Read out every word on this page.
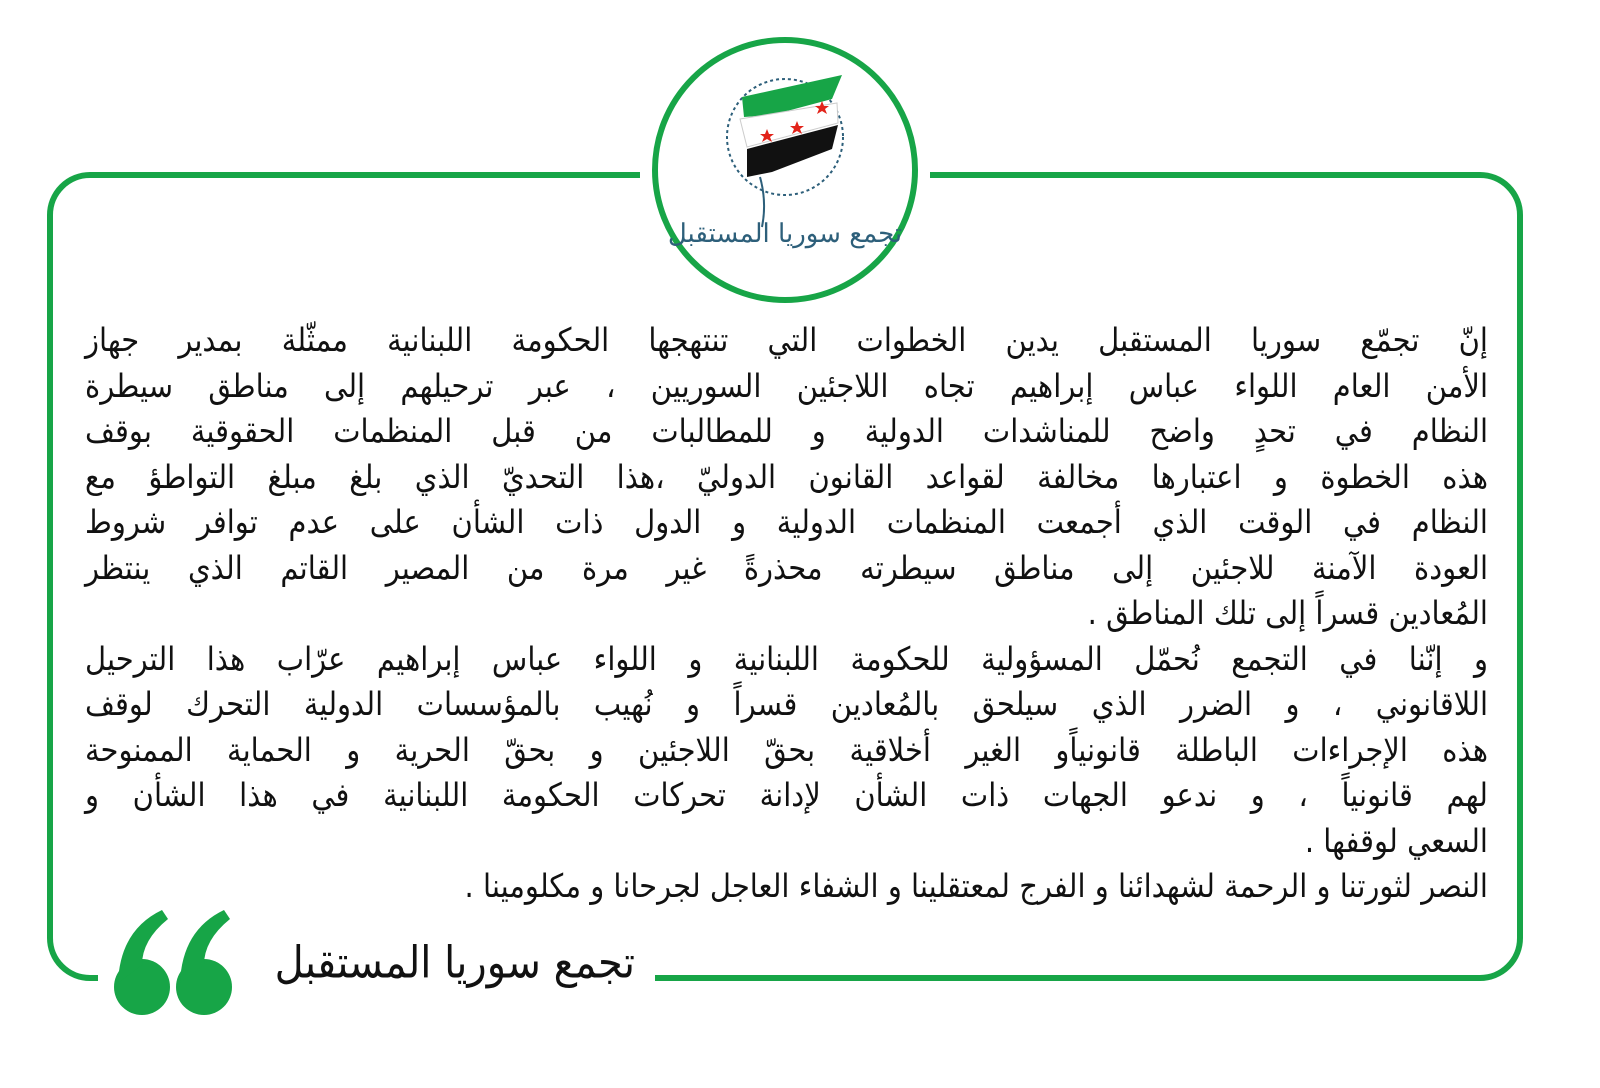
تجمع سوريا المستقبل
إنّ تجمّع سوريا المستقبل يدين الخطوات التي تنتهجها الحكومة اللبنانية ممثّلة بمدير جهاز
الأمن العام اللواء عباس إبراهيم تجاه اللاجئين السوريين ، عبر ترحيلهم إلى مناطق سيطرة
النظام في تحدٍ واضح للمناشدات الدولية و للمطالبات من قبل المنظمات الحقوقية بوقف
هذه الخطوة و اعتبارها مخالفة لقواعد القانون الدوليّ ،هذا التحديّ الذي بلغ مبلغ التواطؤ مع
النظام في الوقت الذي أجمعت المنظمات الدولية و الدول ذات الشأن على عدم توافر شروط
العودة الآمنة للاجئين إلى مناطق سيطرته محذرةً غير مرة من المصير القاتم الذي ينتظر
المُعادين قسراً إلى تلك المناطق .
و إنّنا في التجمع نُحمّل المسؤولية للحكومة اللبنانية و اللواء عباس إبراهيم عرّاب هذا الترحيل
اللاقانوني ، و الضرر الذي سيلحق بالمُعادين قسراً و نُهيب بالمؤسسات الدولية التحرك لوقف
هذه الإجراءات الباطلة قانونياًو الغير أخلاقية بحقّ اللاجئين و بحقّ الحرية و الحماية الممنوحة
لهم قانونياً ، و ندعو الجهات ذات الشأن لإدانة تحركات الحكومة اللبنانية في هذا الشأن و
السعي لوقفها .
النصر لثورتنا و الرحمة لشهدائنا و الفرج لمعتقلينا و الشفاء العاجل لجرحانا و مكلومينا .
تجمع سوريا المستقبل
